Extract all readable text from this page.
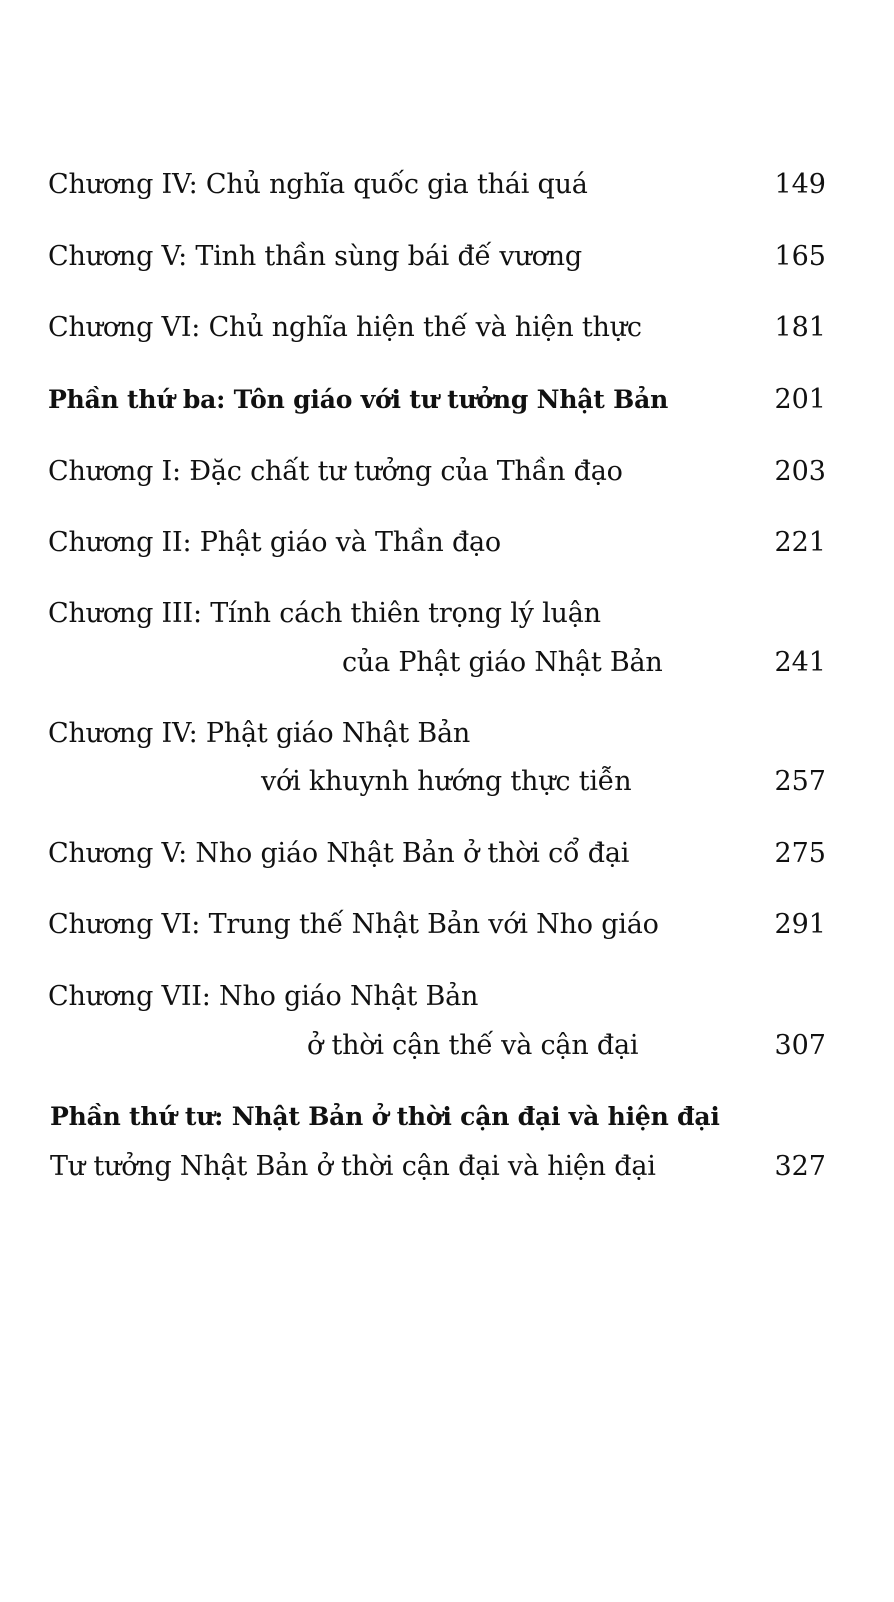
Chương IV: Chủ nghĩa quốc gia thái quá	149
Chương V: Tinh thần sùng bái đế vương	165
Chương VI: Chủ nghĩa hiện thế và hiện thực	181
Phần thứ ba: Tôn giáo với tư tưởng Nhật Bản	201
Chương I: Đặc chất tư tưởng của Thần đạo	203
Chương II: Phật giáo và Thần đạo	221
Chương III: Tính cách thiên trọng lý luận
của Phật giáo Nhật Bản	241
Chương IV: Phật giáo Nhật Bản
với khuynh hướng thực tiễn	257
Chương V: Nho giáo Nhật Bản ở thời cổ đại	275
Chương VI: Trung thế Nhật Bản với Nho giáo	291
Chương VII: Nho giáo Nhật Bản
ở thời cận thế và cận đại	307
Phần thứ tư: Nhật Bản ở thời cận đại và hiện đại
Tư tưởng Nhật Bản ở thời cận đại và hiện đại	327
